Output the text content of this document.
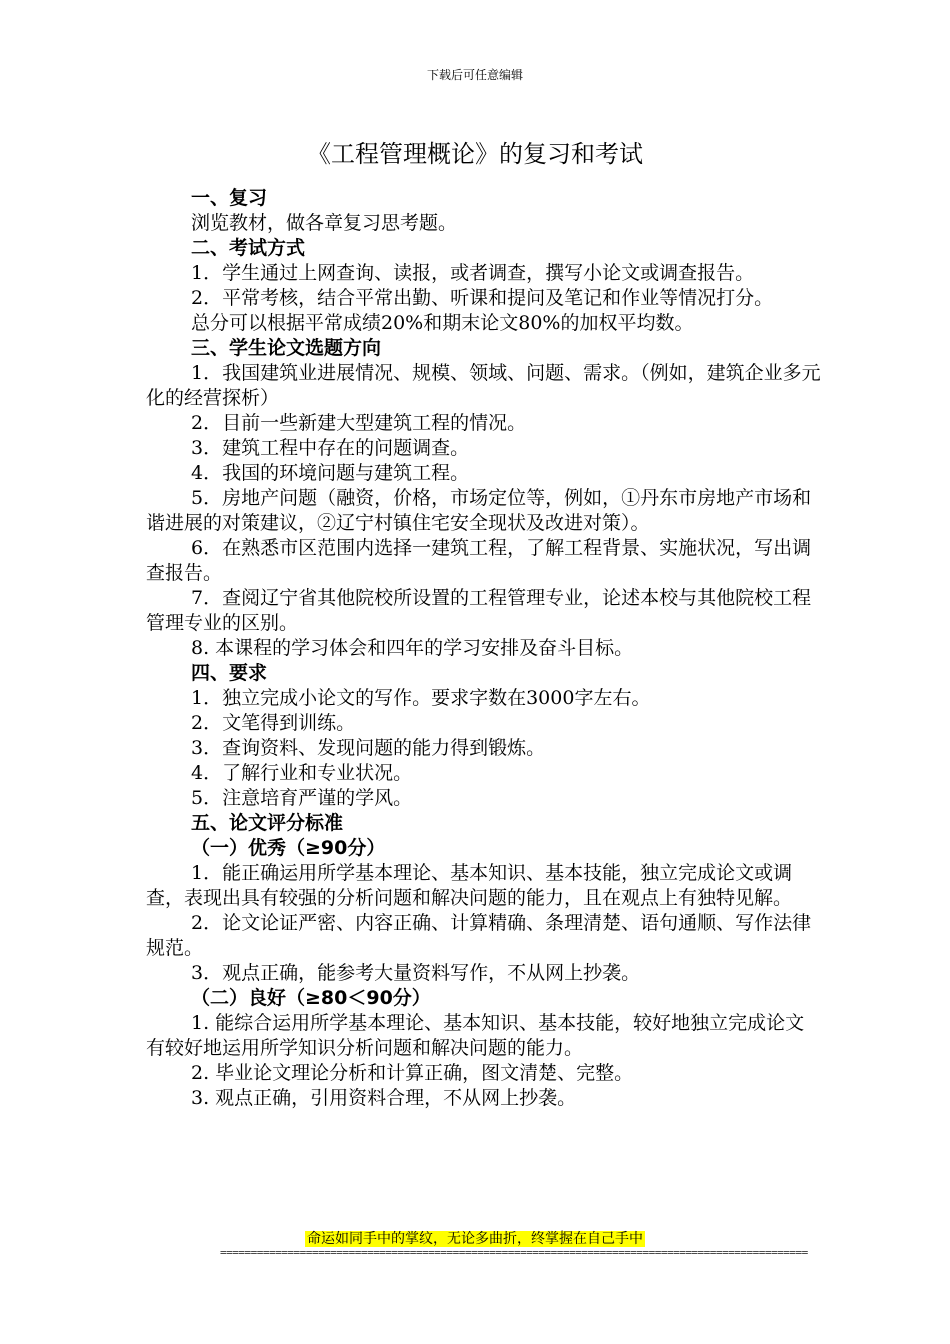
下载后可任意编辑
《工程管理概论》的复习和考试
一、复习
浏览教材，做各章复习思考题。
二、考试方式
1．学生通过上网查询、读报，或者调查，撰写小论文或调查报告。
2．平常考核，结合平常出勤、听课和提问及笔记和作业等情况打分。
总分可以根据平常成绩20%和期末论文80%的加权平均数。
三、学生论文选题方向
1．我国建筑业进展情况、规模、领域、问题、需求。（例如，建筑企业多元化的经营探析）
2．目前一些新建大型建筑工程的情况。
3．建筑工程中存在的问题调查。
4．我国的环境问题与建筑工程。
5．房地产问题（融资，价格，市场定位等，例如，①丹东市房地产市场和谐进展的对策建议，②辽宁村镇住宅安全现状及改进对策）。
6．在熟悉市区范围内选择一建筑工程，了解工程背景、实施状况，写出调查报告。
7．查阅辽宁省其他院校所设置的工程管理专业，论述本校与其他院校工程管理专业的区别。
8. 本课程的学习体会和四年的学习安排及奋斗目标。
四、要求
1．独立完成小论文的写作。要求字数在3000字左右。
2．文笔得到训练。
3．查询资料、发现问题的能力得到锻炼。
4．了解行业和专业状况。
5．注意培育严谨的学风。
五、论文评分标准
（一）优秀（≥90分）
1．能正确运用所学基本理论、基本知识、基本技能，独立完成论文或调查，表现出具有较强的分析问题和解决问题的能力，且在观点上有独特见解。
2．论文论证严密、内容正确、计算精确、条理清楚、语句通顺、写作法律规范。
3．观点正确，能参考大量资料写作，不从网上抄袭。
（二）良好（≥80＜90分）
1. 能综合运用所学基本理论、基本知识、基本技能，较好地独立完成论文有较好地运用所学知识分析问题和解决问题的能力。
2. 毕业论文理论分析和计算正确，图文清楚、完整。
3. 观点正确，引用资料合理，不从网上抄袭。
命运如同手中的掌纹，无论多曲折，终掌握在自己手中
================================================================================================
